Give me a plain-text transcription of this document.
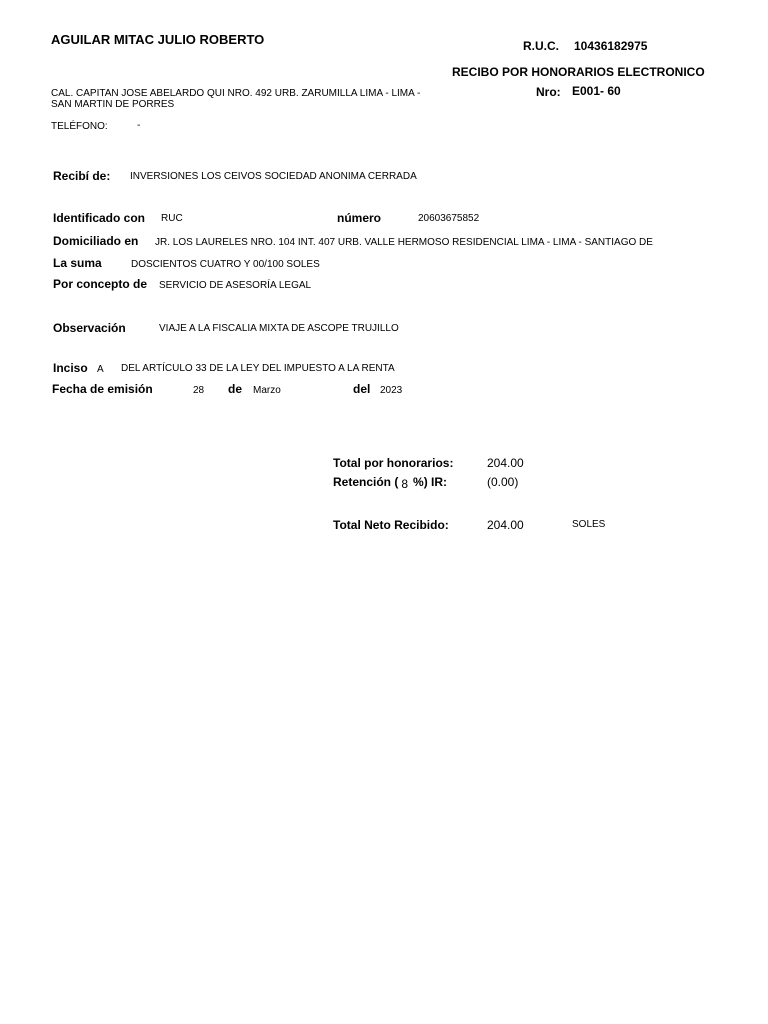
AGUILAR MITAC JULIO ROBERTO	R.U.C. 10436182975
RECIBO POR HONORARIOS ELECTRONICO
Nro: E001- 60
CAL. CAPITAN JOSE ABELARDO QUI NRO. 492 URB. ZARUMILLA LIMA - LIMA -
SAN MARTIN DE PORRES
TELÉFONO:	-
Recibí de: INVERSIONES LOS CEIVOS SOCIEDAD ANONIMA CERRADA
Identificado con RUC	número	20603675852
Domiciliado en JR. LOS LAURELES NRO. 104 INT. 407 URB. VALLE HERMOSO RESIDENCIAL LIMA - LIMA - SANTIAGO DE
La suma	DOSCIENTOS CUATRO Y 00/100 SOLES
Por concepto de SERVICIO DE ASESORÍA LEGAL
Observación	VIAJE A LA FISCALIA MIXTA DE ASCOPE TRUJILLO
Inciso A DEL ARTÍCULO 33 DE LA LEY DEL IMPUESTO A LA RENTA
Fecha de emisión	28 de Marzo	del 2023
Total por honorarios:	204.00
Retención ( 8 %) IR:	(0.00)
Total Neto Recibido:	204.00	SOLES
